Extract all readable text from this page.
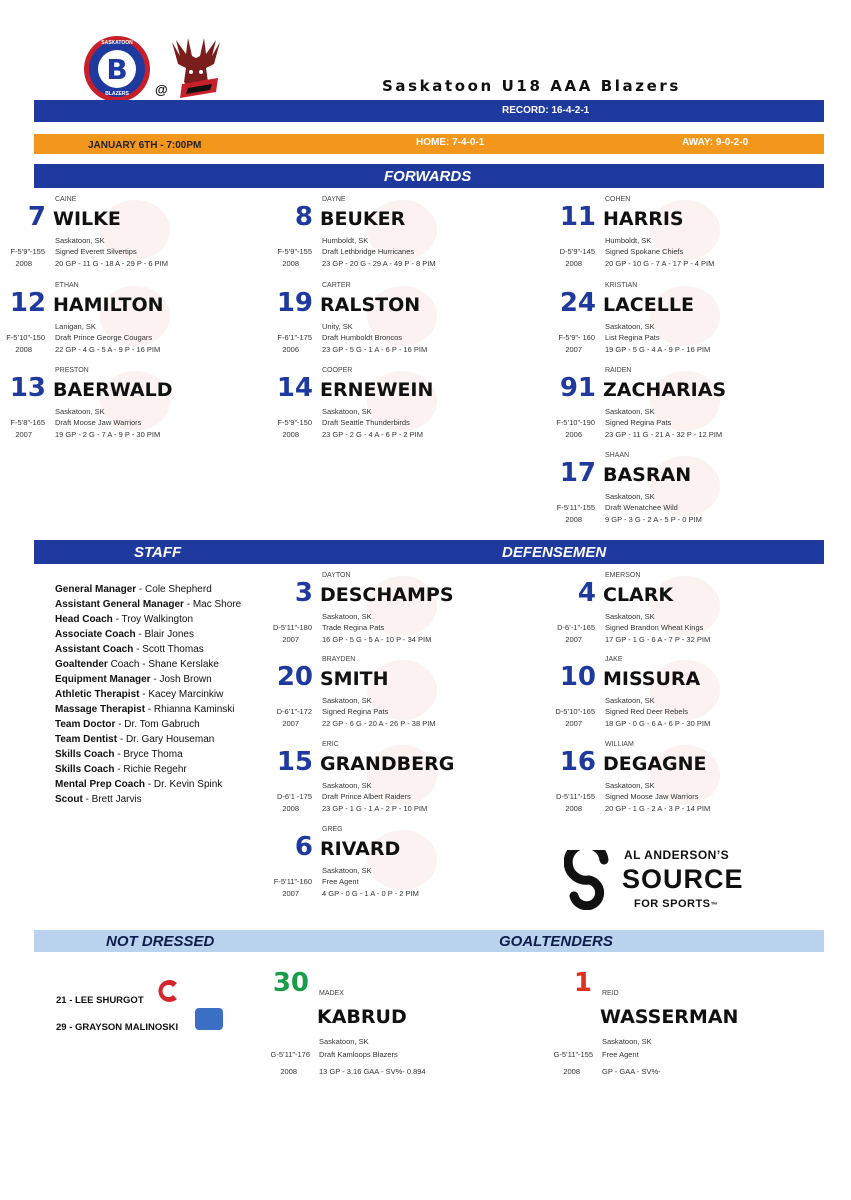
B
SASKATOON
BLAZERS	@	Saskatoon U18 AAA Blazers
RECORD: 16-4-2-1
JANUARY 6TH - 7:00PM	HOME: 7-4-0-1	AWAY: 9-0-2-0
FORWARDS
CAINE
7 WILKE
Saskatoon, SK
F-5’9”-155 Signed Everett Silvertips
2008	20 GP - 11 G - 18 A - 29 P - 6 PIM
DAYNE
8 BEUKER
Humboldt, SK
F-5’9”-155 Draft Lethbridge Hurricanes
2008	23 GP - 20 G - 29 A - 49 P - 8 PIM
COHEN
11 HARRIS
Humboldt, SK
D-5’9”-145 Signed Spokane Chiefs
2008	20 GP - 10 G - 7 A - 17 P - 4 PIM
ETHAN
12 HAMILTON
Lanigan, SK
F-5’10”-150 Draft Prince George Cougars
2008	22 GP - 4 G - 5 A - 9 P - 16 PIM
CARTER
19 RALSTON
Unity, SK
F-6’1”-175 Draft Humboldt Broncos
2006	23 GP - 5 G - 1 A - 6 P - 16 PIM
KRISTIAN
24 LACELLE
Saskatoon, SK
F-5’9”- 160 List Regina Pats
2007	19 GP - 5 G - 4 A - 9 P - 16 PIM
PRESTON
13 BAERWALD
Saskatoon, SK
F-5’8”-165 Draft Moose Jaw Warriors
2007	19 GP - 2 G - 7 A - 9 P - 30 PIM
COOPER
14 ERNEWEIN
Saskatoon, SK
F-5’9”-150 Draft Seattle Thunderbirds
2008	23 GP - 2 G - 4 A - 6 P - 2 PIM
RAIDEN
91 ZACHARIAS
Saskatoon, SK
F-5’10”-190 Signed Regina Pats
2006	23 GP - 11 G - 21 A - 32 P - 12 PIM
SHAAN
17 BASRAN
Saskatoon, SK
F-5’11”-155 Draft Wenatchee Wild
2008	9 GP - 3 G - 2 A - 5 P - 0 PIM
STAFF	DEFENSEMEN
General Manager - Cole Shepherd
Assistant General Manager - Mac Shore
Head Coach - Troy Walkington
Associate Coach - Blair Jones
Assistant Coach - Scott Thomas
Goaltender Coach - Shane Kerslake
Equipment Manager - Josh Brown
Athletic Therapist - Kacey Marcinkiw
Massage Therapist - Rhianna Kaminski
Team Doctor - Dr. Tom Gabruch
Team Dentist - Dr. Gary Houseman
Skills Coach - Bryce Thoma
Skills Coach - Richie Regehr
Mental Prep Coach - Dr. Kevin Spink
Scout - Brett Jarvis
DAYTON
3 DESCHAMPS
Saskatoon, SK
D-5’11”-180 Trade Regina Pats
2007	16 GP - 5 G - 5 A - 10 P - 34 PIM
EMERSON
4 CLARK
Saskatoon, SK
D-6’-1”-165 Signed Brandon Wheat Kings
2007	17 GP - 1 G - 6 A - 7 P - 32 PIM
BRAYDEN
20 SMITH
Saskatoon, SK
D-6’1”-172 Signed Regina Pats
2007	22 GP - 6 G - 20 A - 26 P - 38 PIM
JAKE
10 MISSURA
Saskatoon, SK
D-5’10”-165 Signed Red Deer Rebels
2007	18 GP - 0 G - 6 A - 6 P - 30 PIM
ERIC
15 GRANDBERG
Saskatoon, SK
D-6’1 -175 Draft Prince Albert Raiders
2008	23 GP - 1 G - 1 A - 2 P - 10 PIM
WILLIAM
16 DEGAGNE
Saskatoon, SK
D-5’11”-155 Signed Moose Jaw Warriors
2008	20 GP - 1 G - 2 A - 3 P - 14 PIM
GREG
6 RIVARD
Saskatoon, SK
F-5’11”-160 Free Agent
2007	4 GP - 0 G - 1 A - 0 P - 2 PIM
AL ANDERSON’S
SOURCE
FOR SPORTS™
NOT DRESSED	GOALTENDERS
21 - LEE SHURGOT
29 - GRAYSON MALINOSKI
30 MADEX
KABRUD
Saskatoon, SK
G-5’11”-176 Draft Kamloops Blazers
2008	13 GP - 3.16 GAA - SV%- 0.894
1 REID
WASSERMAN
Saskatoon, SK
G-5’11”-155 Free Agent
2008	GP - GAA - SV%-
